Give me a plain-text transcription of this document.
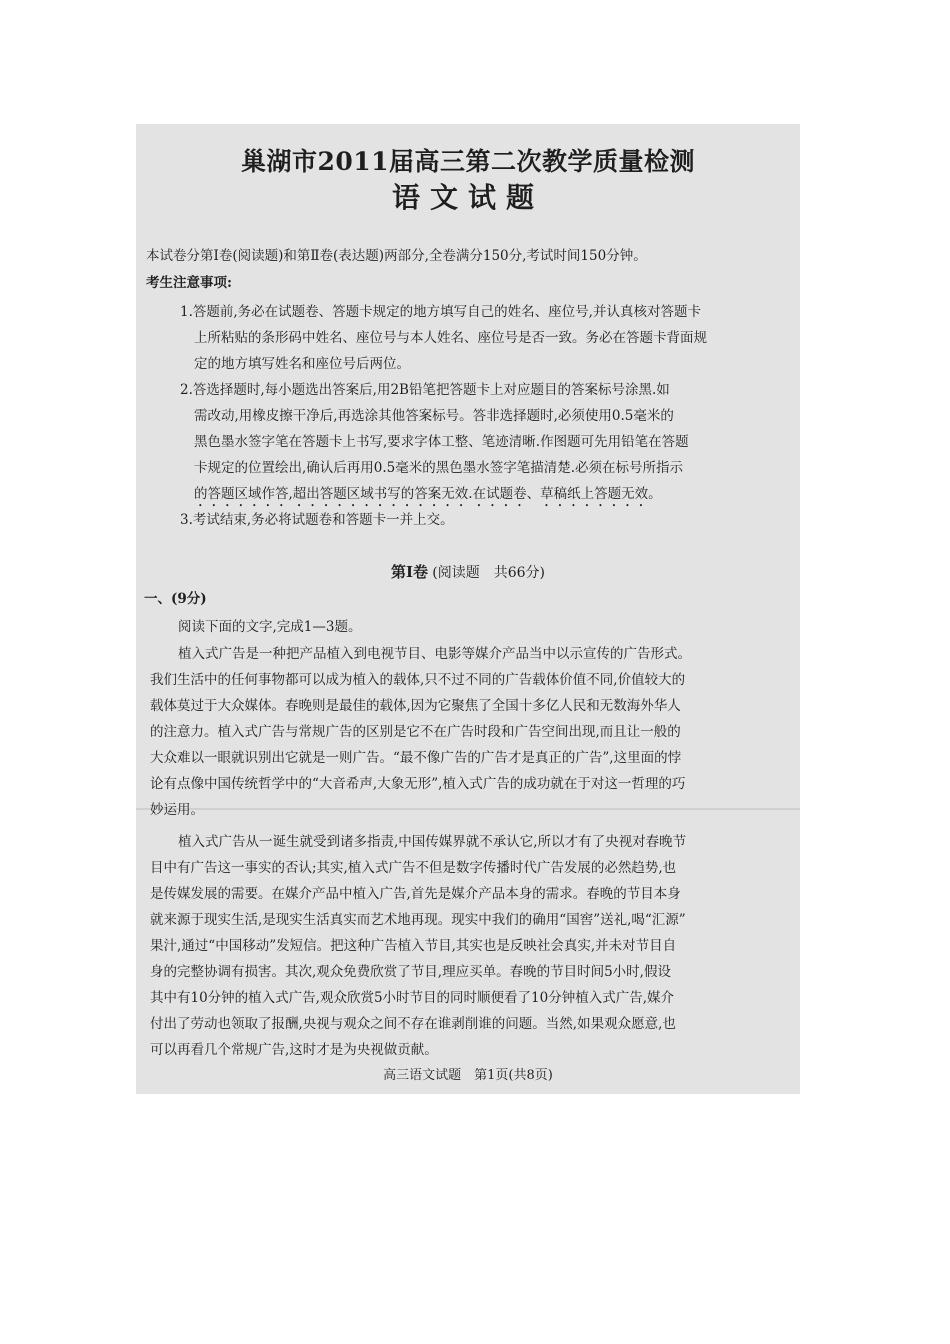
巢湖市2011届高三第二次教学质量检测
语文试题
本试卷分第Ⅰ卷(阅读题)和第Ⅱ卷(表达题)两部分,全卷满分150分,考试时间150分钟。
考生注意事项:
1.答题前,务必在试题卷、答题卡规定的地方填写自己的姓名、座位号,并认真核对答题卡
上所粘贴的条形码中姓名、座位号与本人姓名、座位号是否一致。务必在答题卡背面规
定的地方填写姓名和座位号后两位。
2.答选择题时,每小题选出答案后,用2B铅笔把答题卡上对应题目的答案标号涂黑.如
需改动,用橡皮擦干净后,再选涂其他答案标号。答非选择题时,必须使用0.5毫米的
黑色墨水签字笔在答题卡上书写,要求字体工整、笔迹清晰.作图题可先用铅笔在答题
卡规定的位置绘出,确认后再用0.5毫米的黑色墨水签字笔描清楚.必须在标号所指示
的答题区域作答,超出答题区域书写的答案无效.在试题卷、草稿纸上答题无效。
3.考试结束,务必将试题卷和答题卡一并上交。
第Ⅰ卷 (阅读题　共66分)
一、(9分)
阅读下面的文字,完成1—3题。
植入式广告是一种把产品植入到电视节目、电影等媒介产品当中以示宣传的广告形式。
我们生活中的任何事物都可以成为植入的载体,只不过不同的广告载体价值不同,价值较大的
载体莫过于大众媒体。春晚则是最佳的载体,因为它聚焦了全国十多亿人民和无数海外华人
的注意力。植入式广告与常规广告的区别是它不在广告时段和广告空间出现,而且让一般的
大众难以一眼就识别出它就是一则广告。“最不像广告的广告才是真正的广告”,这里面的悖
论有点像中国传统哲学中的“大音希声,大象无形”,植入式广告的成功就在于对这一哲理的巧
妙运用。
植入式广告从一诞生就受到诸多指责,中国传媒界就不承认它,所以才有了央视对春晚节
目中有广告这一事实的否认;其实,植入式广告不但是数字传播时代广告发展的必然趋势,也
是传媒发展的需要。在媒介产品中植入广告,首先是媒介产品本身的需求。春晚的节目本身
就来源于现实生活,是现实生活真实而艺术地再现。现实中我们的确用“国窖”送礼,喝“汇源”
果汁,通过“中国移动”发短信。把这种广告植入节目,其实也是反映社会真实,并未对节目自
身的完整协调有损害。其次,观众免费欣赏了节目,理应买单。春晚的节目时间5小时,假设
其中有10分钟的植入式广告,观众欣赏5小时节目的同时顺便看了10分钟植入式广告,媒介
付出了劳动也领取了报酬,央视与观众之间不存在谁剥削谁的问题。当然,如果观众愿意,也
可以再看几个常规广告,这时才是为央视做贡献。
高三语文试题　第1页(共8页)
